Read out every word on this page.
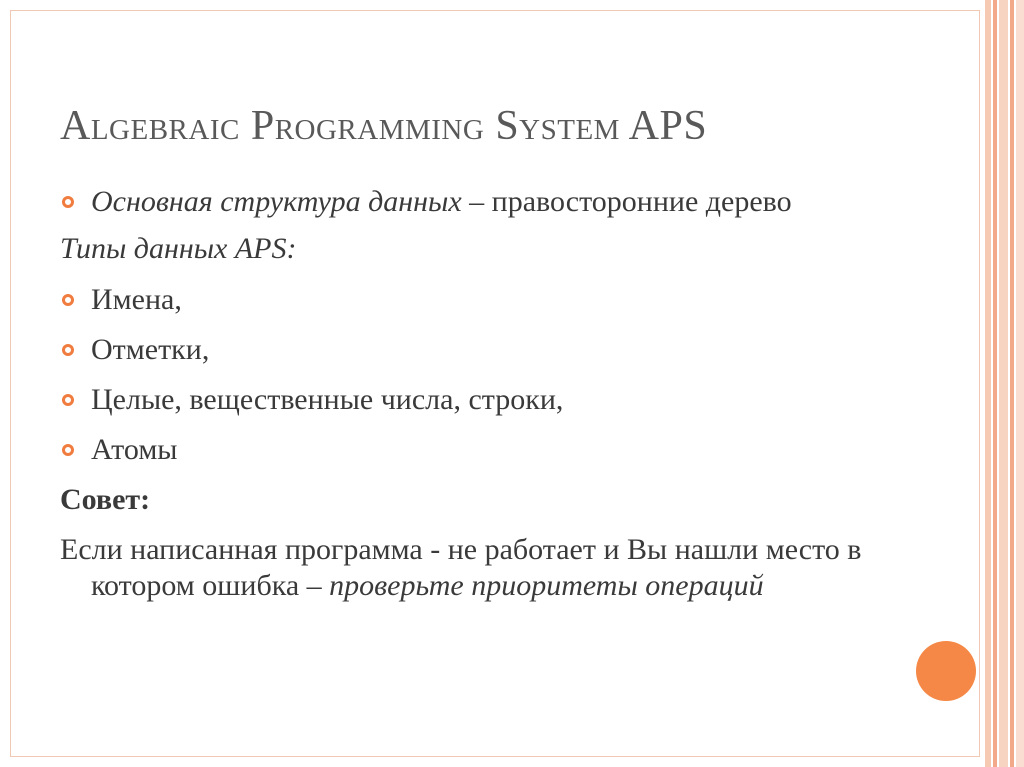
Algebraic Programming System APS

Основная структура данных – правосторонние дерево

Типы данных APS:

Имена,

Отметки,

Целые, вещественные числа, строки,

Атомы

Совет:

Если написанная программа - не работает и Вы нашли место в котором ошибка – проверьте приоритеты операций
